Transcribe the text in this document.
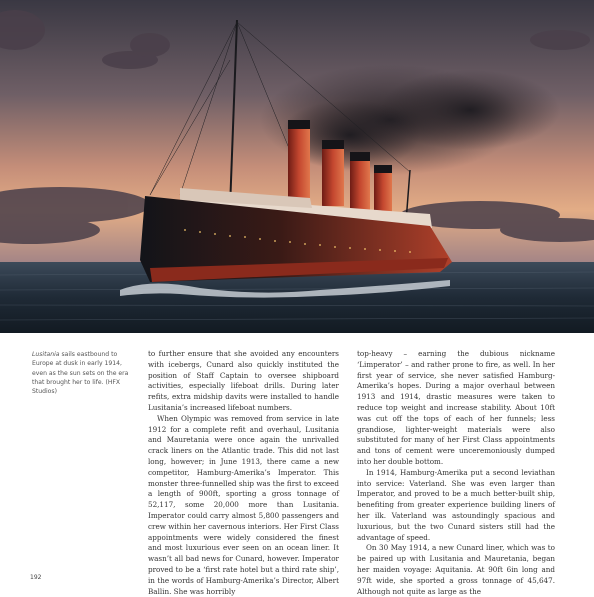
Lusitania sails eastbound to Europe at dusk in early 1914, even as the sun sets on the era that brought her to life. (HFX Studios)

to further ensure that she avoided any encounters with icebergs, Cunard also quickly instituted the position of Staff Captain to oversee shipboard activities, especially lifeboat drills. During later refits, extra midship davits were installed to handle Lusitania’s increased lifeboat numbers.

When Olympic was removed from service in late 1912 for a complete refit and overhaul, Lusitania and Mauretania were once again the unrivalled crack liners on the Atlantic trade. This did not last long, however; in June 1913, there came a new competitor, Hamburg-Amerika’s Imperator. This monster three-funnelled ship was the first to exceed a length of 900ft, sporting a gross tonnage of 52,117, some 20,000 more than Lusitania. Imperator could carry almost 5,800 passengers and crew within her cavernous interiors. Her First Class appointments were widely considered the finest and most luxurious ever seen on an ocean liner. It wasn’t all bad news for Cunard, however. Imperator proved to be a ‘first rate hotel but a third rate ship’, in the words of Hamburg-Amerika’s Director, Albert Ballin. She was horribly

top-heavy – earning the dubious nickname ‘Limperator’ – and rather prone to fire, as well. In her first year of service, she never satisfied Hamburg-Amerika’s hopes. During a major overhaul between 1913 and 1914, drastic measures were taken to reduce top weight and increase stability. About 10ft was cut off the tops of each of her funnels; less grandiose, lighter-weight materials were also substituted for many of her First Class appointments and tons of cement were unceremoniously dumped into her double bottom.

In 1914, Hamburg-Amerika put a second leviathan into service: Vaterland. She was even larger than Imperator, and proved to be a much better-built ship, benefiting from greater experience building liners of her ilk. Vaterland was astoundingly spacious and luxurious, but the two Cunard sisters still had the advantage of speed.

On 30 May 1914, a new Cunard liner, which was to be paired up with Lusitania and Mauretania, began her maiden voyage: Aquitania. At 90ft 6in long and 97ft wide, she sported a gross tonnage of 45,647. Although not quite as large as the

192
